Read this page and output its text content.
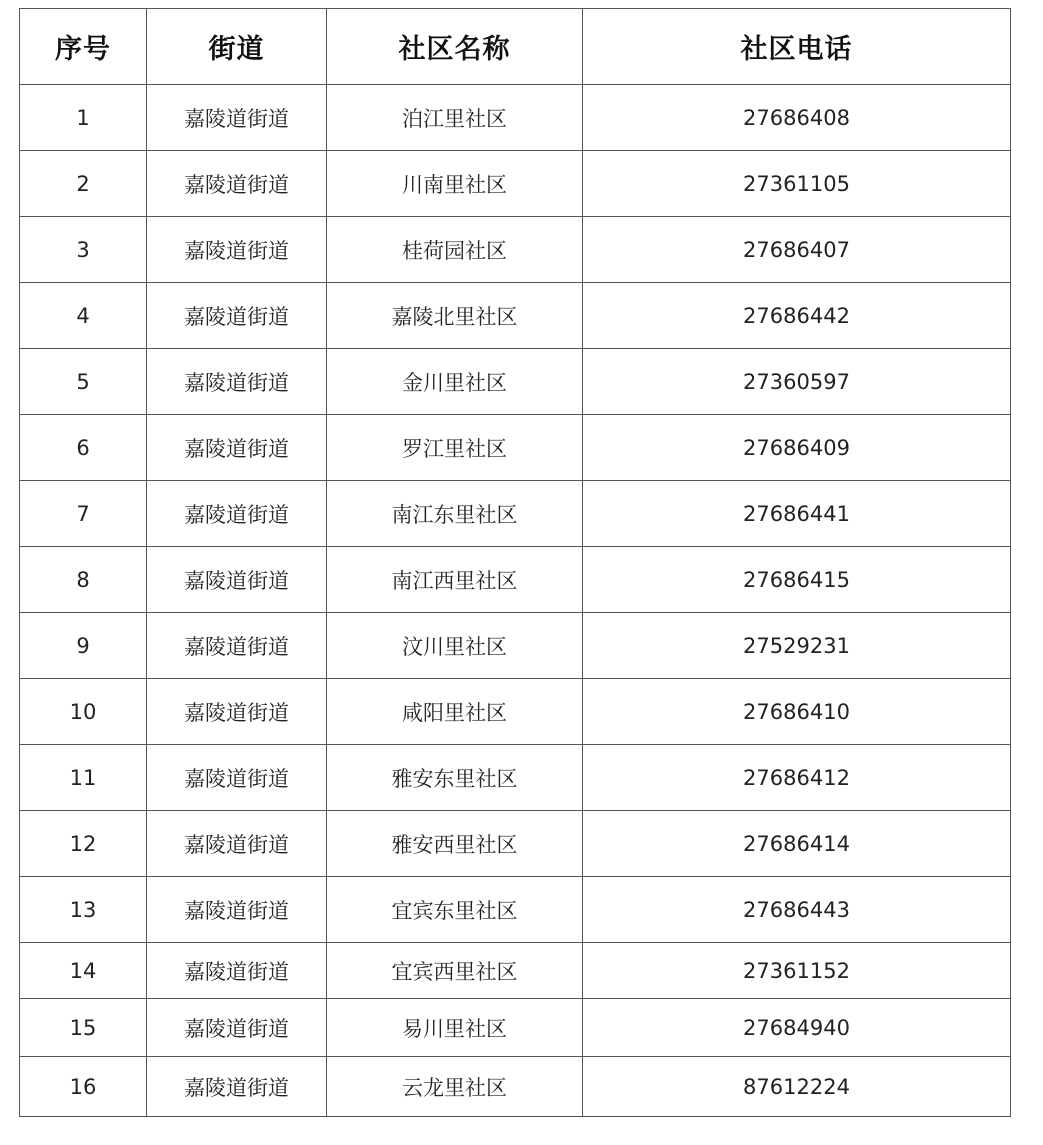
序号	街道	社区名称	社区电话
1	嘉陵道街道	泊江里社区	27686408
2	嘉陵道街道	川南里社区	27361105
3	嘉陵道街道	桂荷园社区	27686407
4	嘉陵道街道	嘉陵北里社区	27686442
5	嘉陵道街道	金川里社区	27360597
6	嘉陵道街道	罗江里社区	27686409
7	嘉陵道街道	南江东里社区	27686441
8	嘉陵道街道	南江西里社区	27686415
9	嘉陵道街道	汶川里社区	27529231
10	嘉陵道街道	咸阳里社区	27686410
11	嘉陵道街道	雅安东里社区	27686412
12	嘉陵道街道	雅安西里社区	27686414
13	嘉陵道街道	宜宾东里社区	27686443
14	嘉陵道街道	宜宾西里社区	27361152
15	嘉陵道街道	易川里社区	27684940
16	嘉陵道街道	云龙里社区	87612224
